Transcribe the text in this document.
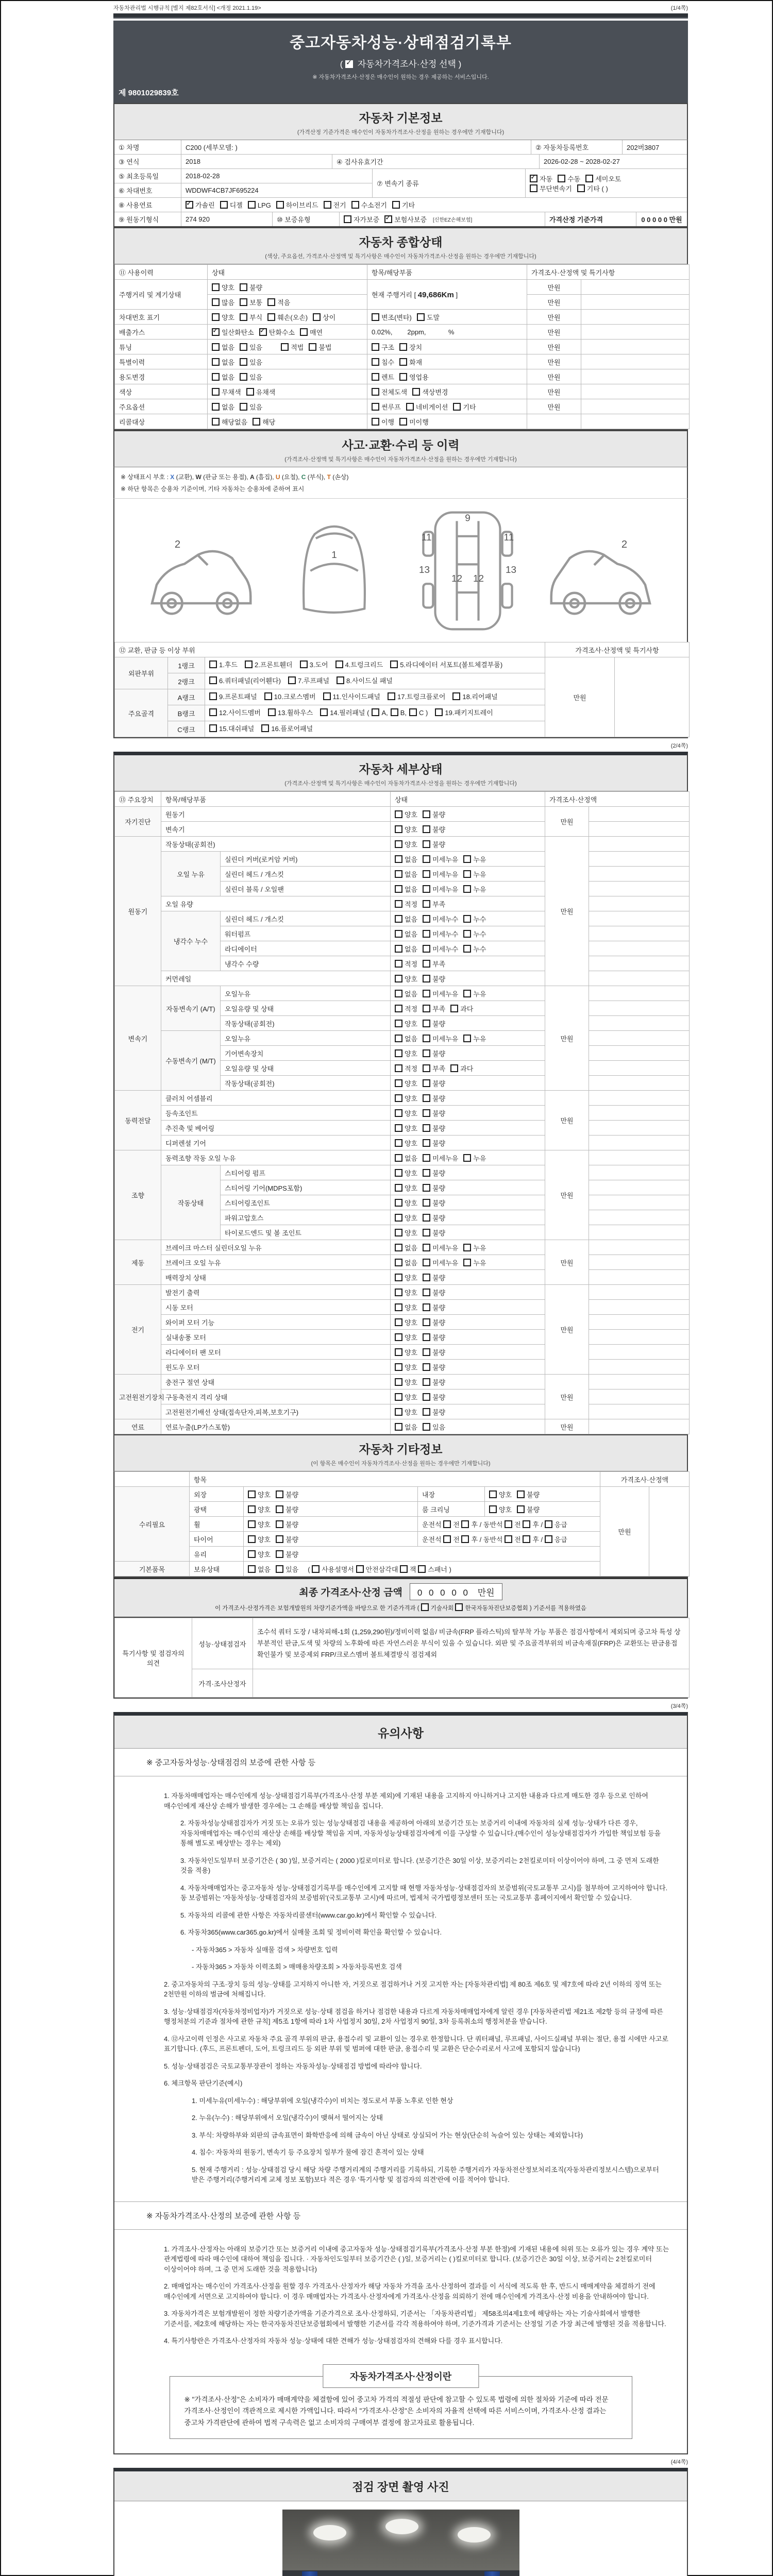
자동차관리법 시행규칙 [별지 제82호서식] <개정 2021.1.19>	(1/4쪽)
중고자동차성능·상태점검기록부
( ✓ 자동차가격조사·산정 선택 )
※ 자동차가격조사·산정은 매수인이 원하는 경우 제공하는 서비스입니다.
제 9801029839호
자동차 기본정보
(가격산정 기준가격은 매수인이 자동차가격조사·산정을 원하는 경우에만 기재합니다)
① 차명	C200 (세부모델: )	② 자동차등록번호	202버3807
③ 연식	2018	④ 검사유효기간	2026-02-28 ~ 2028-02-27
⑤ 최초등록일	2018-02-28
⑥ 차대번호	WDDWF4CB7JF695224
⑦ 변속기 종류
✓자동 수동 세미오토
무단변속기 기타 ( )
⑧ 사용연료 ✓	가솔린	디젤	LPG	하이브리드	전기	수소전기	기타
⑨ 원동기형식	274 920	⑩ 보증유형	자가보증 ✓	보험사보증 [신한EZ손해보험]	가격산정 기준가격	0 0 0 0 0 만원
자동차 종합상태
(색상, 주요옵션, 가격조사·산정액 및 특기사항은 매수인이 자동차가격조사·산정을 원하는 경우에만 기재합니다)
⑪ 사용이력	상태	항목/해당부품	가격조사·산정액 및 특기사항	
주행거리 및 계기상태	양호 불량	현재 주행거리 [ 49,686Km ]	만원	
	많음 보통 적음		만원	
차대번호 표기	양호 부식 훼손(오손) 상이	변조(변타) 도말	만원	
배출가스	✓일산화탄소 ✓ 탄화수소 매연	0.02%,        2ppm,            %	만원	
튜닝	없음 있음 적법 불법	구조 장치	만원	
특별이력	없음 있음	침수 화재	만원	
용도변경	없음 있음	렌트 영업용	만원	
색상	무채색 유채색	전체도색 색상변경	만원	
주요옵션	없음 있음	썬루프 네비게이션 기타	만원	
리콜대상	해당없음 해당	이행 미이행		
사고·교환·수리 등 이력
(가격조사·산정액 및 특기사항은 매수인이 자동차가격조사·산정을 원하는 경우에만 기재합니다)
※ 상태표시 부호 : X (교환), W (판금 또는 용접), A (흠집), U (요철), C (부식), T (손상)
※ 하단 항목은 승용차 기준이며, 기타 자동차는 승용차에 준하여 표시
2
1
9
11	11
13	13
12 12
2
⑫ 교환, 판금 등 이상 부위			가격조사·산정액 및 특기사항	
외판부위	1랭크	1.후드 2.프론트휀더 3.도어 4.트렁크리드 5.라디에이터 서포트(볼트체결부품)	만원	
	2랭크	6.쿼터패널(리어휀다) 7.루프패널 8.사이드실 패널		
주요골격	A랭크	9.프론트패널 10.크로스멤버 11.인사이드패널 17.트렁크플로어 18.리어패널		
	B랭크	12.사이드멤버 13.휠하우스 14.필러패널 ( A, B, C ) 19.패키지트레이		
	C랭크	15.대쉬패널 16.플로어패널		
(2/4쪽)
자동차 세부상태
(가격조사·산정액 및 특기사항은 매수인이 자동차가격조사·산정을 원하는 경우에만 기재합니다)
⑬ 주요장치	항목/해당부품		상태	가격조사·산정액	
자기진단	원동기		양호 불량	만원	
	변속기		양호 불량		
원동기	작동상태(공회전)		양호 불량	만원	
	오일 누유	실린더 커버(로커암 커버)	없음 미세누유 누유		
		실린더 헤드 / 개스킷	없음 미세누유 누유		
		실린더 블록 / 오일팬	없음 미세누유 누유		
	오일 유량		적정 부족		
	냉각수 누수	실린더 헤드 / 개스킷	없음 미세누수 누수		
		워터펌프	없음 미세누수 누수		
		라디에이터	없음 미세누수 누수		
		냉각수 수량	적정 부족		
	커먼레일		양호 불량		
변속기	자동변속기 (A/T)	오일누유	없음 미세누유 누유	만원	
		오일유량 및 상태	적정 부족 과다		
		작동상태(공회전)	양호 불량		
	수동변속기 (M/T)	오일누유	없음 미세누유 누유		
		기어변속장치	양호 불량		
		오일유량 및 상태	적정 부족 과다		
		작동상태(공회전)	양호 불량		
동력전달	클러치 어셈블리		양호 불량	만원	
	등속조인트		양호 불량		
	추진축 및 베어링		양호 불량		
	디퍼렌셜 기어		양호 불량		
조향	동력조향 작동 오일 누유		없음 미세누유 누유	만원	
	작동상태	스티어링 펌프	양호 불량		
		스티어링 기어(MDPS포함)	양호 불량		
		스티어링조인트	양호 불량		
		파워고압호스	양호 불량		
		타이로드엔드 및 볼 조인트	양호 불량		
제동	브레이크 마스터 실린더오일 누유		없음 미세누유 누유	만원	
	브레이크 오일 누유		없음 미세누유 누유		
	배력장치 상태		양호 불량		
전기	발전기 출력		양호 불량	만원	
	시동 모터		양호 불량		
	와이퍼 모터 기능		양호 불량		
	실내송풍 모터		양호 불량		
	라디에이터 팬 모터		양호 불량		
	윈도우 모터		양호 불량		
고전원전기장치	충전구 절연 상태		양호 불량	만원	
	구동축전지 격리 상태		양호 불량		
	고전원전기배선 상태(접속단자,피복,보호기구)		양호 불량		
연료	연료누출(LP가스포함)		없음 있음	만원	
자동차 기타정보
(이 항목은 매수인이 자동차가격조사·산정을 원하는 경우에만 기재합니다)
	항목				가격조사·산정액	
수리필요	외장	양호 불량	내장	양호 불량	만원	
	광택	양호 불량	룸 크리닝	양호 불량		
	휠	양호 불량	운전석 전 후 / 동반석 전 후 / 응급			
	타이어	양호 불량	운전석 전 후 / 동반석 전 후 / 응급			
	유리	양호 불량				
기본품목	보유상태	없음 있음 ( 사용설명서 안전삼각대 잭 스패너 )				
최종 가격조사·산정 금액	0 0 0 0 0 만원
이 가격조사·산정가격은 보험개발원의 차량기준가액을 바탕으로 한 기준가격과 ( 기술사회 한국자동차진단보증협회 ) 기준서를 적용하였음
특기사항 및 점검자의 의견	성능·상태점검자	조수석 쿼터 도장 / 내차피해-1회 (1,259,290원)/정비이력 없음/ 비금속(FRP 플라스틱)의 탈부착 가능 부품은 점검사항에서 제외되며 중고차 특성 상 부분적인 판금,도색 및 차량의 노후화에 따른 자연스러운 부식이 있을 수 있습니다. 외판 및 주요골격부위의 비금속재질(FRP)은 교환또는 판금용접 확인불가 및 보증제외 FRP/크로스멤버 볼트체결방식 점검제외
	가격·조사산정자	
(3/4쪽)
유의사항
※ 중고자동차성능·상태점검의 보증에 관한 사항 등
1. 자동차매매업자는 매수인에게 성능·상태점검기록부(가격조사·산정 부분 제외)에 기재된 내용을 고지하지 아니하거나 고지한 내용과 다르게 매도한 경우 등으로 인하여 매수인에게 재산상 손해가 발생한 경우에는 그 손해를 배상할 책임을 집니다.
2. 자동차성능상태점검자가 거짓 또는 오류가 있는 성능상태점검 내용을 제공하여 아래의 보증기간 또는 보증거리 이내에 자동차의 실제 성능·상태가 다른 경우, 자동차매매업자는 매수인의 재산상 손해를 배상할 책임을 지며, 자동차성능상태점검자에게 이를 구상할 수 있습니다.(매수인이 성능상태점검자가 가입한 책임보험 등을 통해 별도로 배상받는 경우는 제외)
3. 자동차인도일부터 보증기간은 ( 30 )일, 보증거리는 ( 2000 )킬로미터로 합니다. (보증기간은 30일 이상, 보증거리는 2천킬로미터 이상이어야 하며, 그 중 먼저 도래한 것을 적용)
4. 자동차매매업자는 중고자동차 성능·상태점검기록부를 매수인에게 고지할 때 현행 자동차성능·상태점검자의 보증범위(국토교통부 고시)를 첨부하여 고지하여야 합니다. 동 보증범위는 '자동차성능·상태점검자의 보증범위'(국토교통부 고시)에 따르며, 법제처 국가법령정보센터 또는 국토교통부 홈페이지에서 확인할 수 있습니다.
5. 자동차의 리콜에 관한 사항은 자동차리콜센터(www.car.go.kr)에서 확인할 수 있습니다.
6. 자동차365(www.car365.go.kr)에서 실매물 조회 및 정비이력 확인을 확인할 수 있습니다.
- 자동차365 > 자동차 실매물 검색 > 차량번호 입력
- 자동차365 > 자동차 이력조회 > 매매용차량조회 > 자동차등록번호 검색
2. 중고자동차의 구조·장치 등의 성능·상태를 고지하지 아니한 자, 거짓으로 점검하거나 거짓 고지한 자는 [자동차관리법] 제 80조 제6호 및 제7호에 따라 2년 이하의 징역 또는 2천만원 이하의 벌금에 처해집니다.
3. 성능·상태점검자(자동차정비업자)가 거짓으로 성능·상태 점검을 하거나 점검한 내용과 다르게 자동차매매업자에게 알린 경우 [자동차관리법 제21조 제2항 등의 규정에 따른 행정처분의 기준과 절차에 관한 규칙] 제5조 1항에 따라 1차 사업정지 30일, 2차 사업정지 90일, 3차 등록취소의 행정처분을 받습니다.
4. ⑫사고이력 인정은 사고로 자동차 주요 골격 부위의 판금, 용접수리 및 교환이 있는 경우로 한정합니다. 단 쿼터패널, 루프패널, 사이드실패널 부위는 절단, 용접 시에만 사고로 표기합니다. (후드, 프론트펜더, 도어, 트렁크리드 등 외판 부위 및 범퍼에 대한 판금, 용접수리 및 교환은 단순수리로서 사고에 포함되지 않습니다)
5. 성능·상태점검은 국토교통부장관이 정하는 자동차성능·상태점검 방법에 따라야 합니다.
6. 체크항목 판단기준(예시)
1. 미세누유(미세누수) : 해당부위에 오일(냉각수)이 비치는 정도로서 부품 노후로 인한 현상
2. 누유(누수) : 해당부위에서 오일(냉각수)이 맺혀서 떨어지는 상태
3. 부식: 차량하부와 외판의 금속표면이 화학반응에 의해 금속이 아닌 상태로 상실되어 가는 현상(단순히 녹슬어 있는 상태는 제외합니다)
4. 침수: 자동차의 원동기, 변속기 등 주요장치 일부가 물에 잠긴 흔적이 있는 상태
5. 현재 주행거리 : 성능·상태점검 당시 해당 차량 주행거리계의 주행거리를 기록하되, 기록한 주행거리가 자동차전산정보처리조직(자동차관리정보시스템)으로부터 받은 주행거리(주행거리계 교체 정보 포함)보다 적은 경우 '특기사항 및 점검자의 의견'란에 이를 적어야 합니다.
※ 자동차가격조사·산정의 보증에 관한 사항 등
1. 가격조사·산정자는 아래의 보증기간 또는 보증거리 이내에 중고자동차 성능·상태점검기록부(가격조사·산정 부분 한정)에 기재된 내용에 허위 또는 오류가 있는 경우 계약 또는 관계법령에 따라 매수인에 대하여 책임을 집니다. · 자동차인도일부터 보증기간은 ( )일, 보증거리는 ( )킬로미터로 합니다. (보증기간은 30일 이상, 보증거리는 2천킬로미터 이상이어야 하며, 그 중 먼저 도래한 것을 적용합니다)
2. 매매업자는 매수인이 가격조사·산정을 원할 경우 가격조사·산정자가 해당 자동차 가격을 조사·산정하여 결과를 이 서식에 적도록 한 후, 반드시 매매계약을 체결하기 전에 매수인에게 서면으로 고지하여야 합니다. 이 경우 매매업자는 가격조사·산정자에게 가격조사·산정을 의뢰하기 전에 매수인에게 가격조사·산정 비용을 안내하여야 합니다.
3. 자동차가격은 보험개발원이 정한 차량기준가액을 기준가격으로 조사·산정하되, 기준서는 「자동차관리법」 제58조의4제1호에 해당하는 자는 기술사회에서 발행한 기준서를, 제2호에 해당하는 자는 한국자동차진단보증협회에서 발행한 기준서를 각각 적용하여야 하며, 기준가격과 기준서는 산정일 기준 가장 최근에 발행된 것을 적용합니다.
4. 특기사항란은 가격조사·산정자의 자동차 성능·상태에 대한 견해가 성능·상태점검자의 견해와 다를 경우 표시합니다.
자동차가격조사·산정이란
※ "가격조사·산정"은 소비자가 매매계약을 체결함에 있어 중고차 가격의 적절성 판단에 참고할 수 있도록 법령에 의한 절차와 기준에 따라 전문 가격조사·산정인이 객관적으로 제시한 가액입니다. 따라서 "가격조사·산정"은 소비자의 자율적 선택에 따른 서비스이며, 가격조사·산정 결과는 중고차 가격판단에 관하여 법적 구속력은 없고 소비자의 구매여부 결정에 참고자료로 활용됩니다.
(4/4쪽)
점검 장면 촬영 사진
